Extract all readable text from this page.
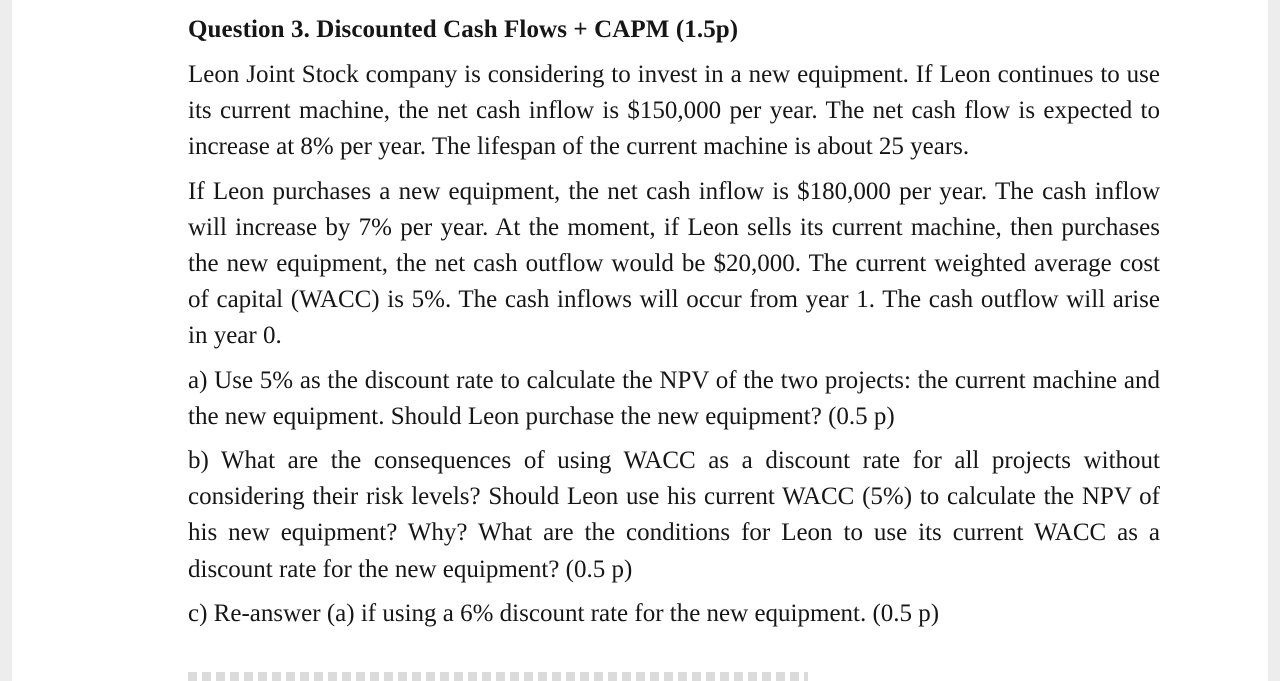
Question 3. Discounted Cash Flows + CAPM (1.5p)

Leon Joint Stock company is considering to invest in a new equipment. If Leon continues to use its current machine, the net cash inflow is $150,000 per year. The net cash flow is expected to increase at 8% per year. The lifespan of the current machine is about 25 years.

If Leon purchases a new equipment, the net cash inflow is $180,000 per year. The cash inflow will increase by 7% per year. At the moment, if Leon sells its current machine, then purchases the new equipment, the net cash outflow would be $20,000. The current weighted average cost of capital (WACC) is 5%. The cash inflows will occur from year 1. The cash outflow will arise in year 0.

a) Use 5% as the discount rate to calculate the NPV of the two projects: the current machine and the new equipment. Should Leon purchase the new equipment? (0.5 p)

b) What are the consequences of using WACC as a discount rate for all projects without considering their risk levels? Should Leon use his current WACC (5%) to calculate the NPV of his new equipment? Why? What are the conditions for Leon to use its current WACC as a discount rate for the new equipment? (0.5 p)

c) Re-answer (a) if using a 6% discount rate for the new equipment. (0.5 p)
